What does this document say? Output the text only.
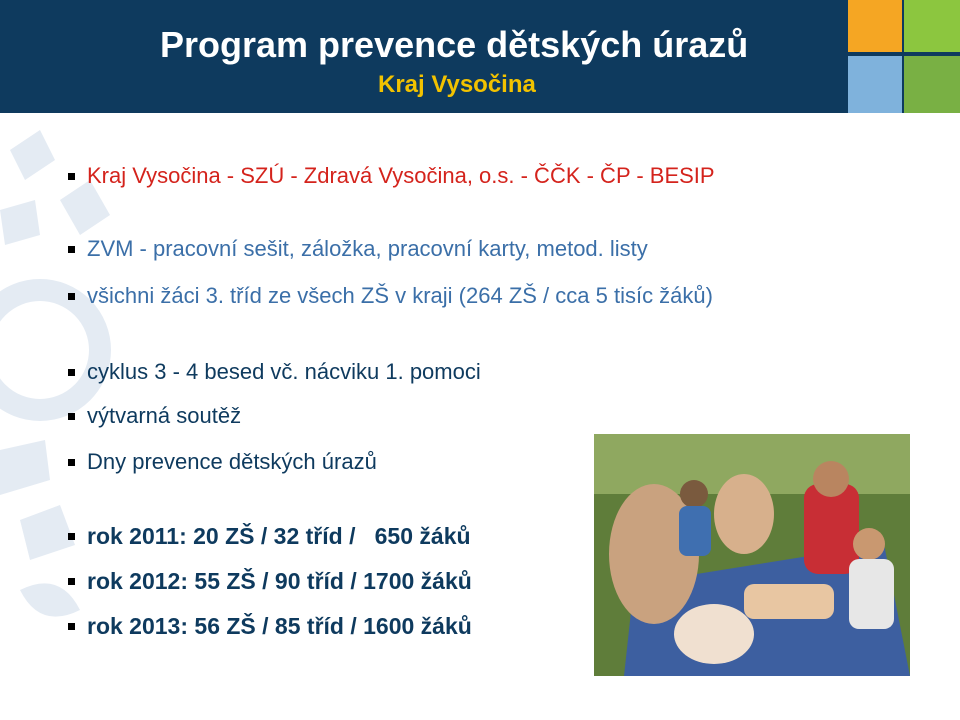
Program prevence dětských úrazů
Kraj Vysočina
Kraj Vysočina - SZÚ - Zdravá Vysočina, o.s. - ČČK - ČP - BESIP
ZVM - pracovní sešit, záložka, pracovní karty, metod. listy
všichni žáci 3. tříd ze všech ZŠ v kraji (264 ZŠ / cca 5 tisíc žáků)
cyklus 3 - 4 besed vč. nácviku 1. pomoci
výtvarná soutěž
Dny prevence dětských úrazů
rok 2011: 20 ZŠ / 32 tříd /   650 žáků
rok 2012: 55 ZŠ / 90 tříd / 1700 žáků
rok 2013: 56 ZŠ / 85 tříd / 1600 žáků
